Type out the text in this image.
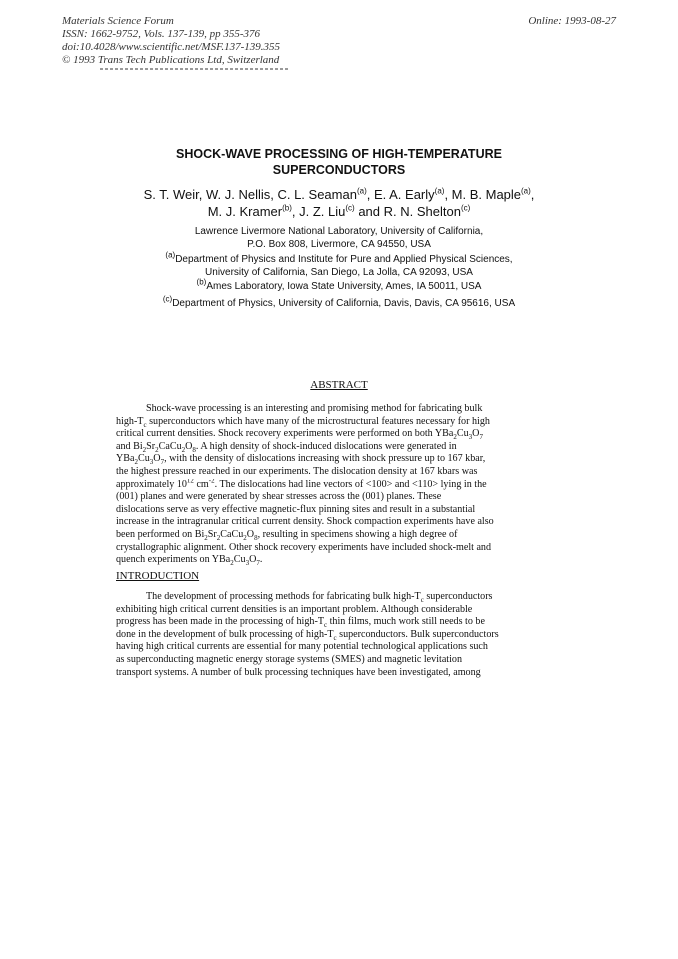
Materials Science Forum
ISSN: 1662-9752, Vols. 137-139, pp 355-376
doi:10.4028/www.scientific.net/MSF.137-139.355
© 1993 Trans Tech Publications Ltd, Switzerland
Online: 1993-08-27
SHOCK-WAVE PROCESSING OF HIGH-TEMPERATURE
SUPERCONDUCTORS
S. T. Weir, W. J. Nellis, C. L. Seaman$^{(a)}$, E. A. Early$^{(a)}$, M. B. Maple$^{(a)}$,
M. J. Kramer$^{(b)}$, J. Z. Liu$^{(c)}$ and R. N. Shelton$^{(c)}$
Lawrence Livermore National Laboratory, University of California,
P.O. Box 808, Livermore, CA 94550, USA
$^{(a)}$Department of Physics and Institute for Pure and Applied Physical Sciences,
University of California, San Diego, La Jolla, CA 92093, USA
$^{(b)}$Ames Laboratory, Iowa State University, Ames, IA 50011, USA
$^{(c)}$Department of Physics, University of California, Davis, Davis, CA 95616, USA
ABSTRACT
Shock-wave processing is an interesting and promising method for fabricating bulk
high-$T_c$ superconductors which have many of the microstructural features necessary for high
critical current densities. Shock recovery experiments were performed on both $YBa_2Cu_3O_7$
and $Bi_2Sr_2CaCu_2O_8$. A high density of shock-induced dislocations were generated in
$YBa_2Cu_3O_7$, with the density of dislocations increasing with shock pressure up to 167 kbar,
the highest pressure reached in our experiments. The dislocation density at 167 kbars was
approximately $10^{12}$ $cm^{-2}$. The dislocations had line vectors of <100> and <110> lying in the
(001) planes and were generated by shear stresses across the (001) planes. These
dislocations serve as very effective magnetic-flux pinning sites and result in a substantial
increase in the intragranular critical current density. Shock compaction experiments have also
been performed on $Bi_2Sr_2CaCu_2O_8$, resulting in specimens showing a high degree of
crystallographic alignment. Other shock recovery experiments have included shock-melt and
quench experiments on $YBa_2Cu_3O_7$.
INTRODUCTION
The development of processing methods for fabricating bulk high-$T_c$ superconductors
exhibiting high critical current densities is an important problem. Although considerable
progress has been made in the processing of high-$T_c$ thin films, much work still needs to be
done in the development of bulk processing of high-$T_c$ superconductors. Bulk superconductors
having high critical currents are essential for many potential technological applications such
as superconducting magnetic energy storage systems (SMES) and magnetic levitation
transport systems. A number of bulk processing techniques have been investigated, among
